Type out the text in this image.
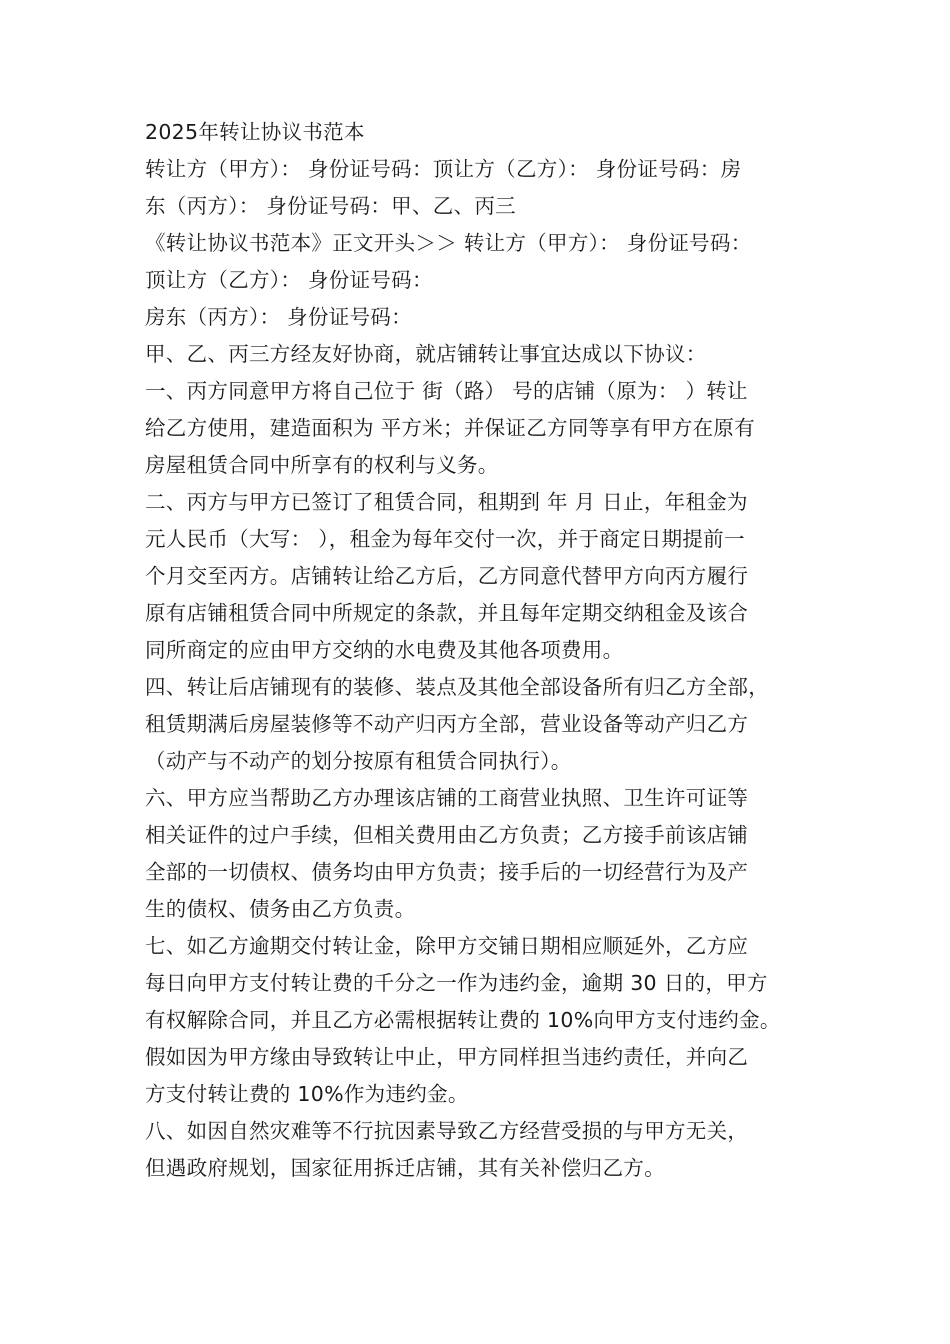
2025年转让协议书范本
转让方（甲方）： 身份证号码：顶让方（乙方）： 身份证号码：房
东（丙方）： 身份证号码：甲、乙、丙三
《转让协议书范本》正文开头＞＞ 转让方（甲方）： 身份证号码：
顶让方（乙方）： 身份证号码：
房东（丙方）： 身份证号码：
甲、乙、丙三方经友好协商，就店铺转让事宜达成以下协议：
一、丙方同意甲方将自己位于 街（路） 号的店铺（原为： ）转让
给乙方使用，建造面积为 平方米；并保证乙方同等享有甲方在原有
房屋租赁合同中所享有的权利与义务。
二、丙方与甲方已签订了租赁合同，租期到 年 月 日止，年租金为
元人民币（大写： ），租金为每年交付一次，并于商定日期提前一
个月交至丙方。店铺转让给乙方后，乙方同意代替甲方向丙方履行
原有店铺租赁合同中所规定的条款，并且每年定期交纳租金及该合
同所商定的应由甲方交纳的水电费及其他各项费用。
四、转让后店铺现有的装修、装点及其他全部设备所有归乙方全部，
租赁期满后房屋装修等不动产归丙方全部，营业设备等动产归乙方
（动产与不动产的划分按原有租赁合同执行）。
六、甲方应当帮助乙方办理该店铺的工商营业执照、卫生许可证等
相关证件的过户手续，但相关费用由乙方负责；乙方接手前该店铺
全部的一切债权、债务均由甲方负责；接手后的一切经营行为及产
生的债权、债务由乙方负责。
七、如乙方逾期交付转让金，除甲方交铺日期相应顺延外，乙方应
每日向甲方支付转让费的千分之一作为违约金，逾期 30 日的，甲方
有权解除合同，并且乙方必需根据转让费的 10%向甲方支付违约金。
假如因为甲方缘由导致转让中止，甲方同样担当违约责任，并向乙
方支付转让费的 10%作为违约金。
八、如因自然灾难等不行抗因素导致乙方经营受损的与甲方无关，
但遇政府规划，国家征用拆迁店铺，其有关补偿归乙方。
